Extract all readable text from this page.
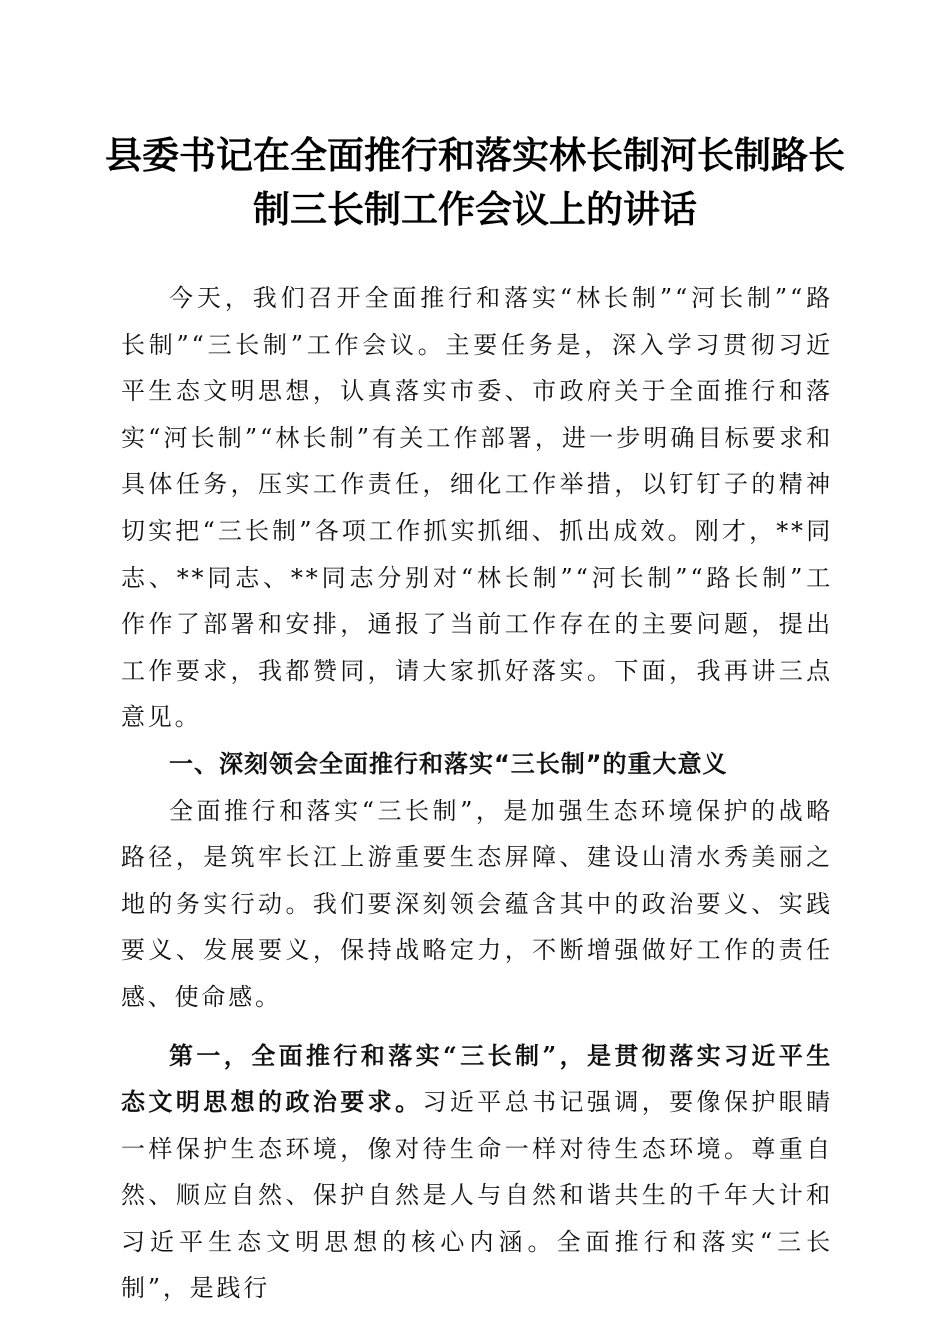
县委书记在全面推行和落实林长制河长制路长
制三长制工作会议上的讲话

今天，我们召开全面推行和落实“林长制”“河长制”“路长制”“三长制”工作会议。主要任务是，深入学习贯彻习近平生态文明思想，认真落实市委、市政府关于全面推行和落实“河长制”“林长制”有关工作部署，进一步明确目标要求和具体任务，压实工作责任，细化工作举措，以钉钉子的精神切实把“三长制”各项工作抓实抓细、抓出成效。刚才，**同志、**同志、**同志分别对“林长制”“河长制”“路长制”工作作了部署和安排，通报了当前工作存在的主要问题，提出工作要求，我都赞同，请大家抓好落实。下面，我再讲三点意见。

一、深刻领会全面推行和落实“三长制”的重大意义

全面推行和落实“三长制”，是加强生态环境保护的战略路径，是筑牢长江上游重要生态屏障、建设山清水秀美丽之地的务实行动。我们要深刻领会蕴含其中的政治要义、实践要义、发展要义，保持战略定力，不断增强做好工作的责任感、使命感。

第一，全面推行和落实“三长制”，是贯彻落实习近平生态文明思想的政治要求。习近平总书记强调，要像保护眼睛一样保护生态环境，像对待生命一样对待生态环境。尊重自然、顺应自然、保护自然是人与自然和谐共生的千年大计和习近平生态文明思想的核心内涵。全面推行和落实“三长制”，是践行
